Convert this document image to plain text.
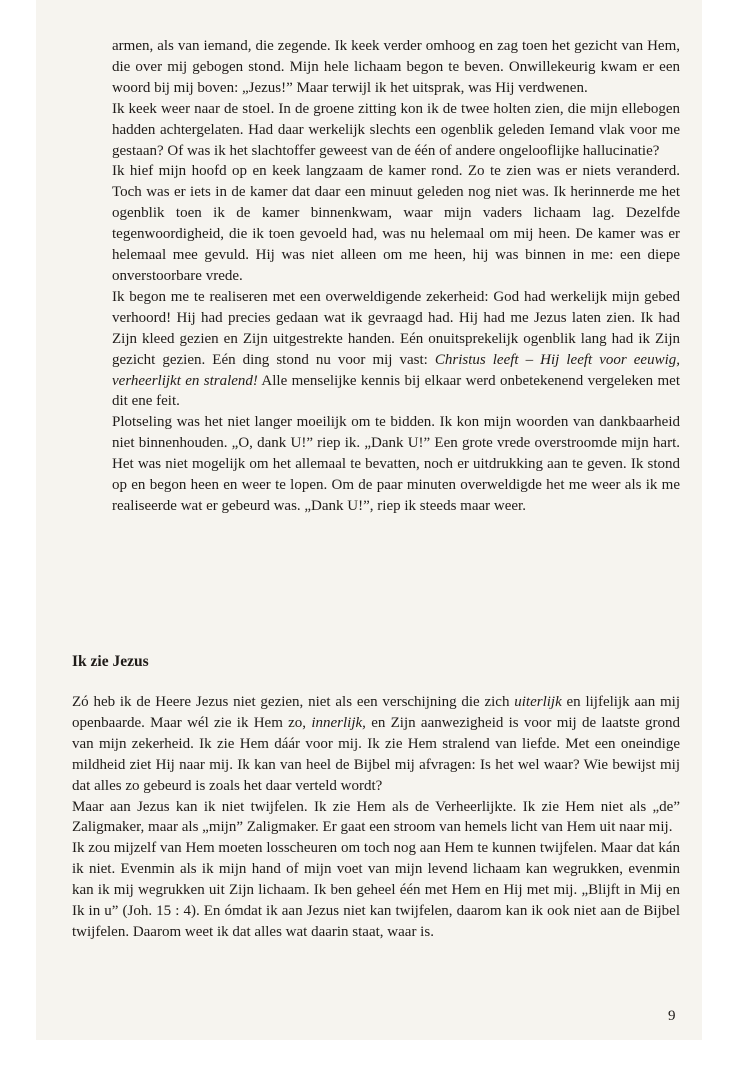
armen, als van iemand, die zegende. Ik keek verder omhoog en zag toen het gezicht van Hem, die over mij gebogen stond. Mijn hele lichaam begon te beven. Onwillekeurig kwam er een woord bij mij boven: „Jezus!” Maar terwijl ik het uitsprak, was Hij verdwenen.

Ik keek weer naar de stoel. In de groene zitting kon ik de twee holten zien, die mijn ellebogen hadden achtergelaten. Had daar werkelijk slechts een ogenblik geleden Iemand vlak voor me gestaan? Of was ik het slachtoffer geweest van de één of andere ongelooflijke hallucinatie?

Ik hief mijn hoofd op en keek langzaam de kamer rond. Zo te zien was er niets veranderd. Toch was er iets in de kamer dat daar een minuut geleden nog niet was. Ik herinnerde me het ogenblik toen ik de kamer binnenkwam, waar mijn vaders lichaam lag. Dezelfde tegenwoordigheid, die ik toen gevoeld had, was nu helemaal om mij heen. De kamer was er helemaal mee gevuld. Hij was niet alleen om me heen, hij was binnen in me: een diepe onverstoorbare vrede.

Ik begon me te realiseren met een overweldigende zekerheid: God had werkelijk mijn gebed verhoord! Hij had precies gedaan wat ik gevraagd had. Hij had me Jezus laten zien. Ik had Zijn kleed gezien en Zijn uitgestrekte handen. Eén onuitsprekelijk ogenblik lang had ik Zijn gezicht gezien. Eén ding stond nu voor mij vast: Christus leeft – Hij leeft voor eeuwig, verheerlijkt en stralend! Alle menselijke kennis bij elkaar werd onbetekenend vergeleken met dit ene feit.

Plotseling was het niet langer moeilijk om te bidden. Ik kon mijn woorden van dankbaarheid niet binnenhouden. „O, dank U!” riep ik. „Dank U!” Een grote vrede overstroomde mijn hart. Het was niet mogelijk om het allemaal te bevatten, noch er uitdrukking aan te geven. Ik stond op en begon heen en weer te lopen. Om de paar minuten overweldigde het me weer als ik me realiseerde wat er gebeurd was. „Dank U!”, riep ik steeds maar weer.

Ik zie Jezus

Zó heb ik de Heere Jezus niet gezien, niet als een verschijning die zich uiterlijk en lijfelijk aan mij openbaarde. Maar wél zie ik Hem zo, innerlijk, en Zijn aanwezigheid is voor mij de laatste grond van mijn zekerheid. Ik zie Hem dáár voor mij. Ik zie Hem stralend van liefde. Met een oneindige mildheid ziet Hij naar mij. Ik kan van heel de Bijbel mij afvragen: Is het wel waar? Wie bewijst mij dat alles zo gebeurd is zoals het daar verteld wordt?

Maar aan Jezus kan ik niet twijfelen. Ik zie Hem als de Verheerlijkte. Ik zie Hem niet als „de” Zaligmaker, maar als „mijn” Zaligmaker. Er gaat een stroom van hemels licht van Hem uit naar mij.

Ik zou mijzelf van Hem moeten losscheuren om toch nog aan Hem te kunnen twijfelen. Maar dat kán ik niet. Evenmin als ik mijn hand of mijn voet van mijn levend lichaam kan wegrukken, evenmin kan ik mij wegrukken uit Zijn lichaam. Ik ben geheel één met Hem en Hij met mij. „Blijft in Mij en Ik in u” (Joh. 15 : 4). En ómdat ik aan Jezus niet kan twijfelen, daarom kan ik ook niet aan de Bijbel twijfelen. Daarom weet ik dat alles wat daarin staat, waar is.

9
